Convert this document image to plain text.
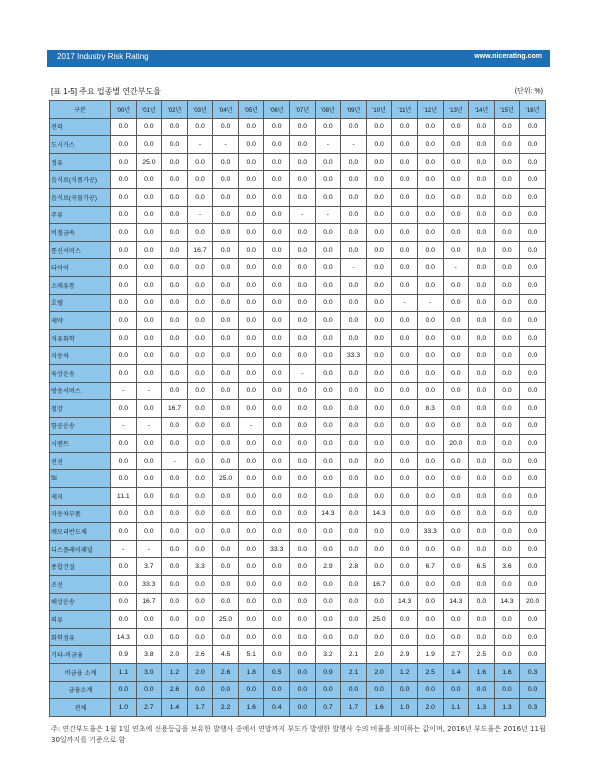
2017 Industry Risk Rating	www.nicerating.com
[표 1-5] 주요 업종별 연간부도율	(단위: %)
구분	'00년	'01년	'02년	'03년	'04년	'05년	'06년	'07년	'08년	'09년	'10년	'11년	'12년	'13년	'14년	'15년	'16년
전력	0.0	0.0	0.0	0.0	0.0	0.0	0.0	0.0	0.0	0.0	0.0	0.0	0.0	0.0	0.0	0.0	0.0
도시가스	0.0	0.0	0.0	-	-	0.0	0.0	0.0	-	-	0.0	0.0	0.0	0.0	0.0	0.0	0.0
정유	0.0	25.0	0.0	0.0	0.0	0.0	0.0	0.0	0.0	0.0	0.0	0.0	0.0	0.0	0.0	0.0	0.0
음식료(식품가공)	0.0	0.0	0.0	0.0	0.0	0.0	0.0	0.0	0.0	0.0	0.0	0.0	0.0	0.0	0.0	0.0	0.0
음식료(곡물가공)	0.0	0.0	0.0	0.0	0.0	0.0	0.0	0.0	0.0	0.0	0.0	0.0	0.0	0.0	0.0	0.0	0.0
주류	0.0	0.0	0.0	-	0.0	0.0	0.0	-	-	0.0	0.0	0.0	0.0	0.0	0.0	0.0	0.0
비철금속	0.0	0.0	0.0	0.0	0.0	0.0	0.0	0.0	0.0	0.0	0.0	0.0	0.0	0.0	0.0	0.0	0.0
통신서비스	0.0	0.0	0.0	16.7	0.0	0.0	0.0	0.0	0.0	0.0	0.0	0.0	0.0	0.0	0.0	0.0	0.0
타이어	0.0	0.0	0.0	0.0	0.0	0.0	0.0	0.0	0.0	-	0.0	0.0	0.0	-	0.0	0.0	0.0
소매유통	0.0	0.0	0.0	0.0	0.0	0.0	0.0	0.0	0.0	0.0	0.0	0.0	0.0	0.0	0.0	0.0	0.0
호텔	0.0	0.0	0.0	0.0	0.0	0.0	0.0	0.0	0.0	0.0	0.0	-	-	0.0	0.0	0.0	0.0
제약	0.0	0.0	0.0	0.0	0.0	0.0	0.0	0.0	0.0	0.0	0.0	0.0	0.0	0.0	0.0	0.0	0.0
석유화학	0.0	0.0	0.0	0.0	0.0	0.0	0.0	0.0	0.0	0.0	0.0	0.0	0.0	0.0	0.0	0.0	0.0
자동차	0.0	0.0	0.0	0.0	0.0	0.0	0.0	0.0	0.0	33.3	0.0	0.0	0.0	0.0	0.0	0.0	0.0
육상운송	0.0	0.0	0.0	0.0	0.0	0.0	0.0	-	0.0	0.0	0.0	0.0	0.0	0.0	0.0	0.0	0.0
방송서비스	-	-	0.0	0.0	0.0	0.0	0.0	0.0	0.0	0.0	0.0	0.0	0.0	0.0	0.0	0.0	0.0
철강	0.0	0.0	16.7	0.0	0.0	0.0	0.0	0.0	0.0	0.0	0.0	0.0	8.3	0.0	0.0	0.0	0.0
항공운송	-	-	0.0	0.0	0.0	-	0.0	0.0	0.0	0.0	0.0	0.0	0.0	0.0	0.0	0.0	0.0
시멘트	0.0	0.0	0.0	0.0	0.0	0.0	0.0	0.0	0.0	0.0	0.0	0.0	0.0	20.0	0.0	0.0	0.0
전선	0.0	0.0	-	0.0	0.0	0.0	0.0	0.0	0.0	0.0	0.0	0.0	0.0	0.0	0.0	0.0	0.0
SI	0.0	0.0	0.0	0.0	25.0	0.0	0.0	0.0	0.0	0.0	0.0	0.0	0.0	0.0	0.0	0.0	0.0
제지	11.1	0.0	0.0	0.0	0.0	0.0	0.0	0.0	0.0	0.0	0.0	0.0	0.0	0.0	0.0	0.0	0.0
자동차부품	0.0	0.0	0.0	0.0	0.0	0.0	0.0	0.0	14.3	0.0	14.3	0.0	0.0	0.0	0.0	0.0	0.0
메모리반도체	0.0	0.0	0.0	0.0	0.0	0.0	0.0	0.0	0.0	0.0	0.0	0.0	33.3	0.0	0.0	0.0	0.0
디스플레이패널	-	-	0.0	0.0	0.0	0.0	33.3	0.0	0.0	0.0	0.0	0.0	0.0	0.0	0.0	0.0	0.0
종합건설	0.0	3.7	0.0	3.3	0.0	0.0	0.0	0.0	2.9	2.8	0.0	0.0	6.7	0.0	6.5	3.6	0.0
조선	0.0	33.3	0.0	0.0	0.0	0.0	0.0	0.0	0.0	0.0	16.7	0.0	0.0	0.0	0.0	0.0	0.0
해상운송	0.0	16.7	0.0	0.0	0.0	0.0	0.0	0.0	0.0	0.0	0.0	14.3	0.0	14.3	0.0	14.3	20.0
의류	0.0	0.0	0.0	0.0	25.0	0.0	0.0	0.0	0.0	0.0	25.0	0.0	0.0	0.0	0.0	0.0	0.0
화학섬유	14.3	0.0	0.0	0.0	0.0	0.0	0.0	0.0	0.0	0.0	0.0	0.0	0.0	0.0	0.0	0.0	0.0
기타-비금융	0.9	3.8	2.0	2.6	4.5	5.1	0.0	0.0	3.2	2.1	2.0	2.9	1.9	2.7	2.5	0.0	0.0
비금융 소계	1.1	3.0	1.2	2.0	2.6	1.8	0.5	0.0	0.9	2.1	2.0	1.2	2.5	1.4	1.6	1.6	0.3
금융소계	0.0	0.0	2.6	0.0	0.0	0.0	0.0	0.0	0.0	0.0	0.0	0.0	0.0	0.0	0.0	0.0	0.0
전체	1.0	2.7	1.4	1.7	2.2	1.6	0.4	0.0	0.7	1.7	1.6	1.0	2.0	1.1	1.3	1.3	0.3
주: 연간부도율은 1월 1일 연초에 신용등급을 보유한 발행사 중에서 연말까지 부도가 발생한 발행사 수의 비율을 의미하는 값이며, 2016년 부도율은 2016년 11월 30일까지를 기준으로 함
